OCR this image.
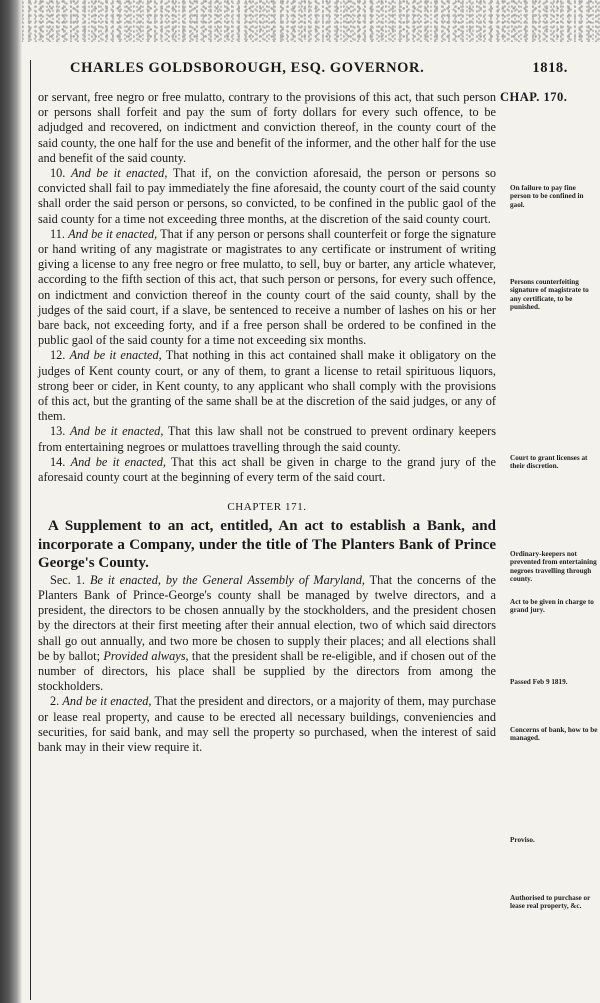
CHARLES GOLDSBOROUGH, ESQ. GOVERNOR.	1818.
CHAP. 170.

or servant, free negro or free mulatto, contrary to the provisions of this act, that such person or persons shall forfeit and pay the sum of forty dollars for every such offence, to be adjudged and recovered, on indictment and conviction thereof, in the county court of the said county, the one half for the use and benefit of the informer, and the other half for the use and benefit of the said county.

10. And be it enacted, That if, on the conviction aforesaid, the person or persons so convicted shall fail to pay immediately the fine aforesaid, the county court of the said county shall order the said person or persons, so convicted, to be confined in the public gaol of the said county for a time not exceeding three months, at the discretion of the said county court.

11. And be it enacted, That if any person or persons shall counterfeit or forge the signature or hand writing of any magistrate or magistrates to any certificate or instrument of writing giving a license to any free negro or free mulatto, to sell, buy or barter, any article whatever, according to the fifth section of this act, that such person or persons, for every such offence, on indictment and conviction thereof in the county court of the said county, shall by the judges of the said court, if a slave, be sentenced to receive a number of lashes on his or her bare back, not exceeding forty, and if a free person shall be ordered to be confined in the public gaol of the said county for a time not exceeding six months.

12. And be it enacted, That nothing in this act contained shall make it obligatory on the judges of Kent county court, or any of them, to grant a license to retail spirituous liquors, strong beer or cider, in Kent county, to any applicant who shall comply with the provisions of this act, but the granting of the same shall be at the discretion of the said judges, or any of them.

13. And be it enacted, That this law shall not be construed to prevent ordinary keepers from entertaining negroes or mulattoes travelling through the said county.

14. And be it enacted, That this act shall be given in charge to the grand jury of the aforesaid county court at the beginning of every term of the said court.

CHAPTER 171.

A Supplement to an act, entitled, An act to establish a Bank, and incorporate a Company, under the title of The Planters Bank of Prince George's County.

Sec. 1. Be it enacted, by the General Assembly of Maryland, That the concerns of the Planters Bank of Prince-George's county shall be managed by twelve directors, and a president, the directors to be chosen annually by the stockholders, and the president chosen by the directors at their first meeting after their annual election, two of which said directors shall go out annually, and two more be chosen to supply their places; and all elections shall be by ballot; Provided always, that the president shall be re-eligible, and if chosen out of the number of directors, his place shall be supplied by the directors from among the stockholders.

2. And be it enacted, That the president and directors, or a majority of them, may purchase or lease real property, and cause to be erected all necessary buildings, conveniencies and securities, for said bank, and may sell the property so purchased, when the interest of said bank may in their view require it.

On failure to pay fine person to be confined in gaol.
Persons counterfeiting signature of magistrate to any certificate, to be punished.
Court to grant licenses at their discretion.
Ordinary-keepers not prevented from entertaining negroes travelling through county.
Act to be given in charge to grand jury.
Passed Feb 9 1819.
Concerns of bank, how to be managed.
Proviso.
Authorised to purchase or lease real property, &c.
